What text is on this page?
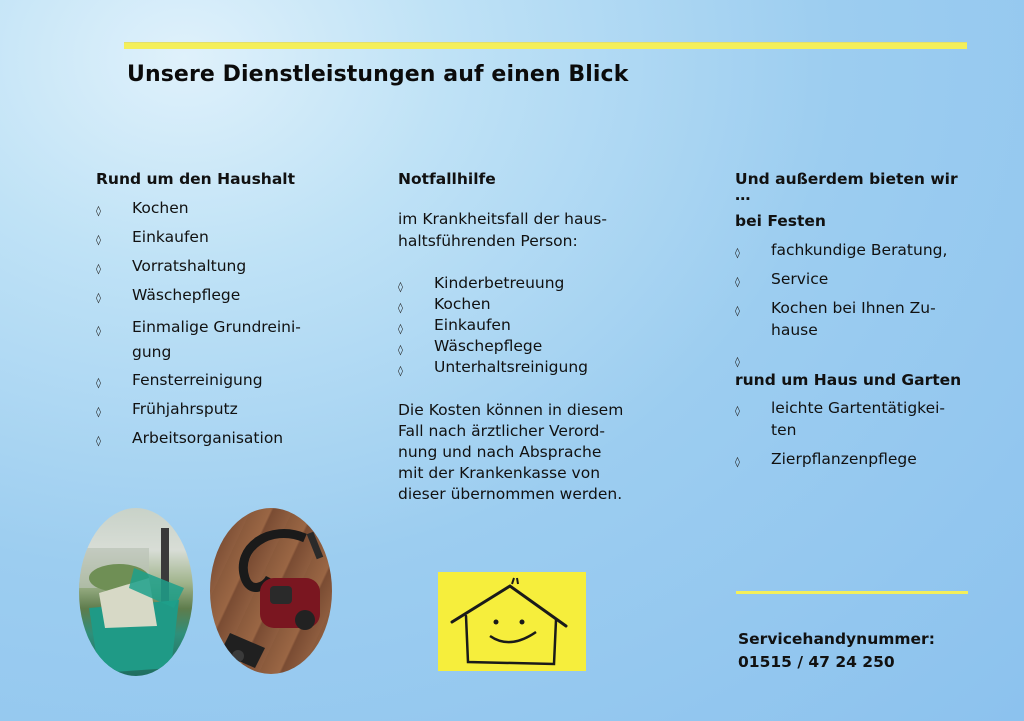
Unsere Dienstleistungen auf einen Blick
Rund um den Haushalt
◊ Kochen
◊ Einkaufen
◊ Vorratshaltung
◊ Wäschepflege
◊ Einmalige Grundreini-
gung
◊ Fensterreinigung
◊ Frühjahrsputz
◊ Arbeitsorganisation
Notfallhilfe
im Krankheitsfall der haus-
haltsführenden Person:
◊ Kinderbetreuung
◊ Kochen
◊ Einkaufen
◊ Wäschepflege
◊ Unterhaltsreinigung
Die Kosten können in diesem
Fall nach ärztlicher Verord-
nung und nach Absprache
mit der Krankenkasse von
dieser übernommen werden.
Und außerdem bieten wir …
bei Festen
◊ fachkundige Beratung,
◊ Service
◊ Kochen bei Ihnen Zu-
hause
◊
rund um Haus und Garten
◊ leichte Gartentätigkei-
ten
◊ Zierpflanzenpflege
Servicehandynummer:
01515 / 47 24 250
